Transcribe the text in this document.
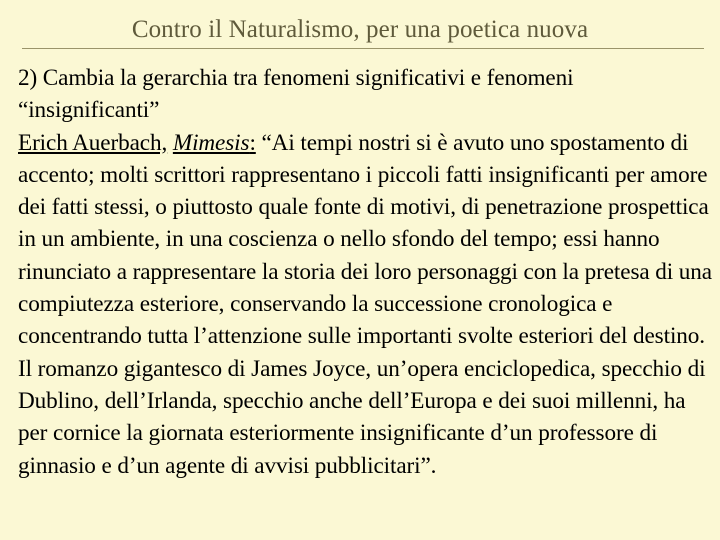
Contro il Naturalismo, per una poetica nuova

2) Cambia la gerarchia tra fenomeni significativi e fenomeni “insignificanti”

Erich Auerbach, Mimesis: “Ai tempi nostri si è avuto uno spostamento di accento; molti scrittori rappresentano i piccoli fatti insignificanti per amore dei fatti stessi, o piuttosto quale fonte di motivi, di penetrazione prospettica in un ambiente, in una coscienza o nello sfondo del tempo; essi hanno rinunciato a rappresentare la storia dei loro personaggi con la pretesa di una compiutezza esteriore, conservando la successione cronologica e concentrando tutta l’attenzione sulle importanti svolte esteriori del destino. Il romanzo gigantesco di James Joyce, un’opera enciclopedica, specchio di Dublino, dell’Irlanda, specchio anche dell’Europa e dei suoi millenni, ha per cornice la giornata esteriormente insignificante d’un professore di ginnasio e d’un agente di avvisi pubblicitari”.
